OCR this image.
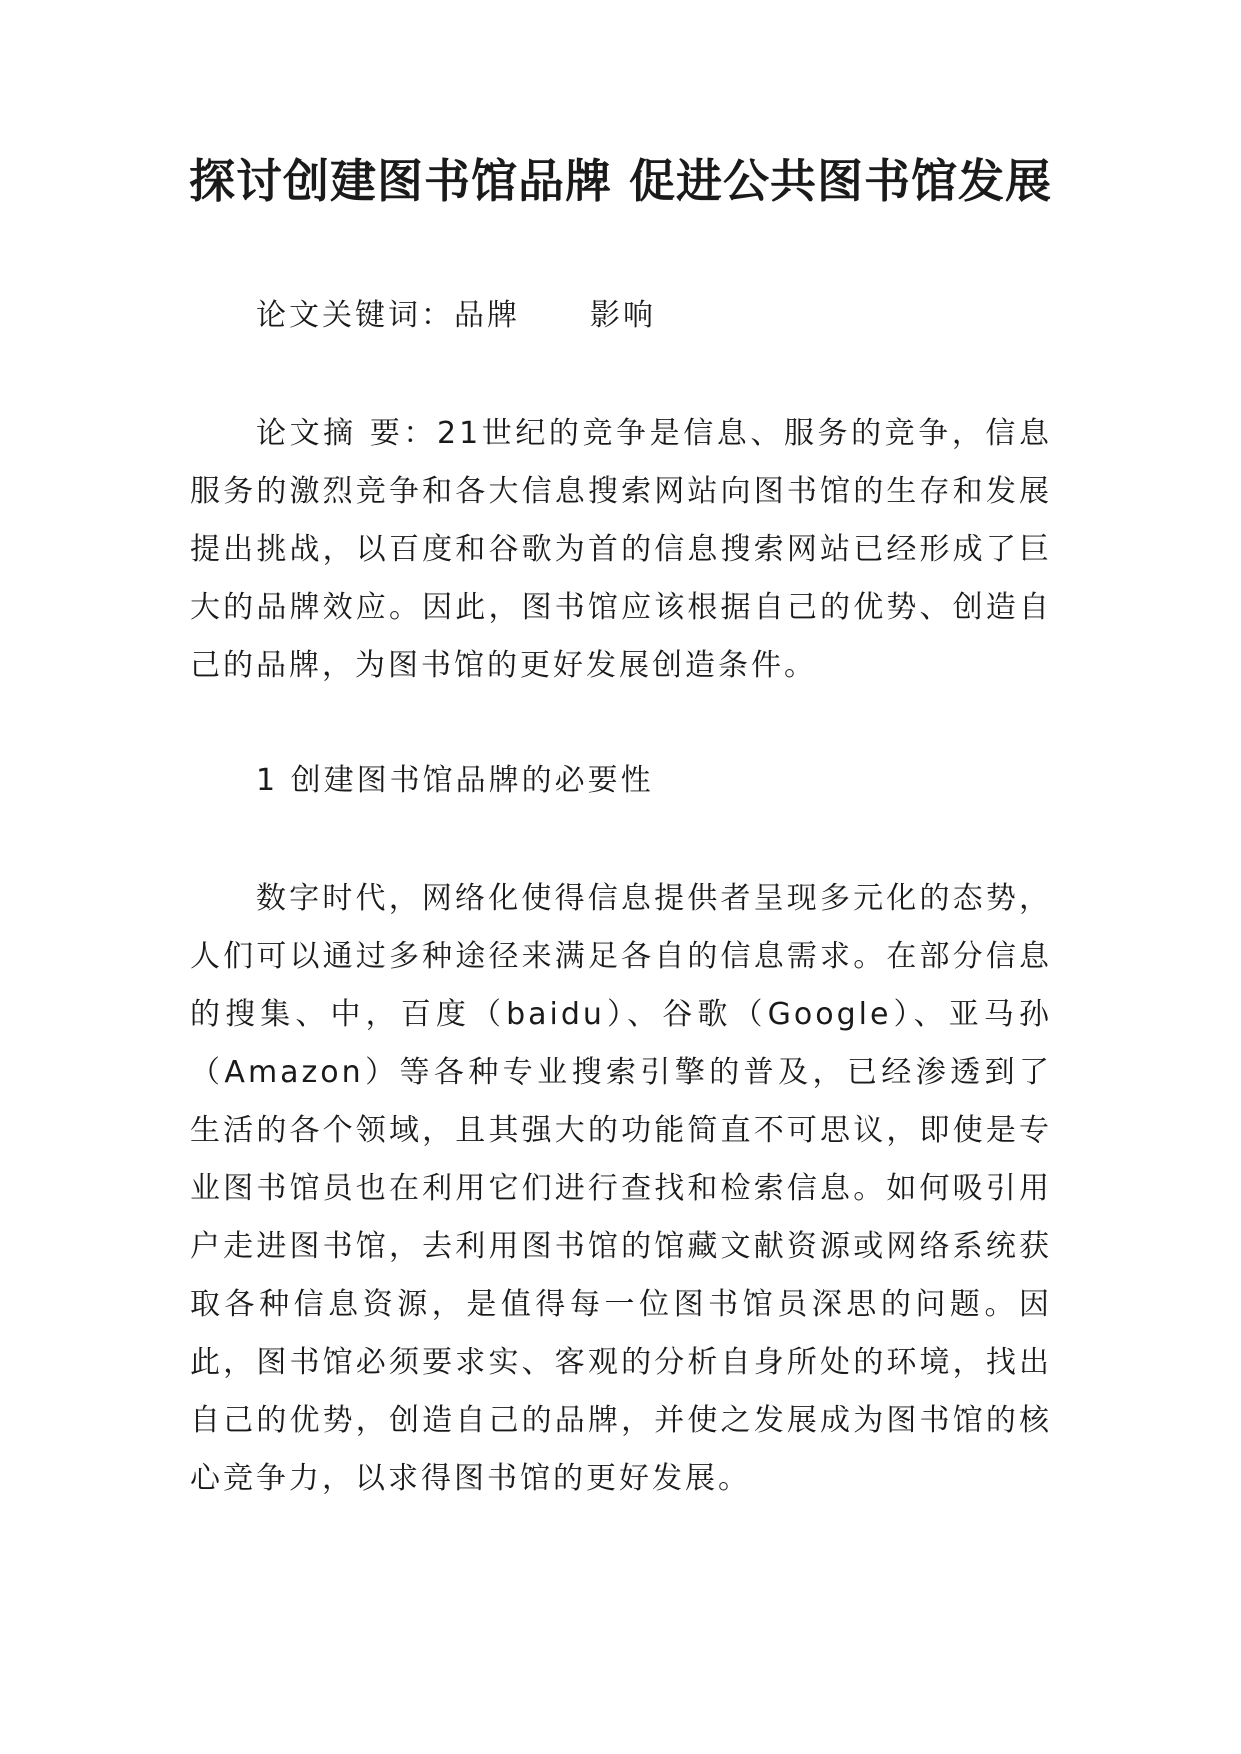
探讨创建图书馆品牌 促进公共图书馆发展

论文关键词：品牌 影响

论文摘 要：21世纪的竞争是信息、服务的竞争，信息服务的激烈竞争和各大信息搜索网站向图书馆的生存和发展提出挑战，以百度和谷歌为首的信息搜索网站已经形成了巨大的品牌效应。因此，图书馆应该根据自己的优势、创造自己的品牌，为图书馆的更好发展创造条件。

1 创建图书馆品牌的必要性

数字时代，网络化使得信息提供者呈现多元化的态势，人们可以通过多种途径来满足各自的信息需求。在部分信息的搜集、中，百度（baidu）、谷歌（Google）、亚马孙（Amazon）等各种专业搜索引擎的普及，已经渗透到了生活的各个领域，且其强大的功能简直不可思议，即使是专业图书馆员也在利用它们进行查找和检索信息。如何吸引用户走进图书馆，去利用图书馆的馆藏文献资源或网络系统获取各种信息资源，是值得每一位图书馆员深思的问题。因此，图书馆必须要求实、客观的分析自身所处的环境，找出自己的优势，创造自己的品牌，并使之发展成为图书馆的核心竞争力，以求得图书馆的更好发展。
